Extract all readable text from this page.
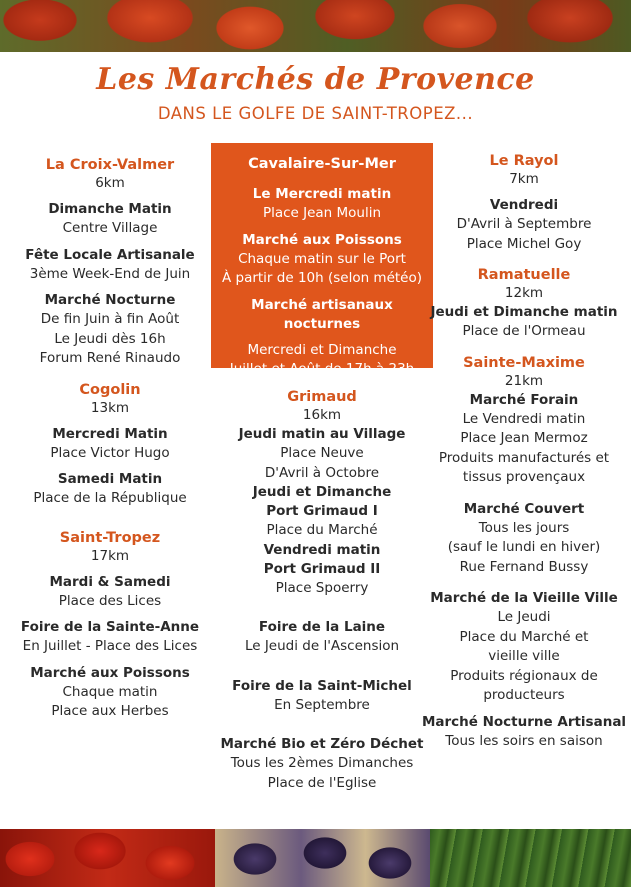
Les Marchés de Provence
DANS LE GOLFE DE SAINT-TROPEZ...
La Croix-Valmer
6km
Dimanche Matin
Centre Village
Fête Locale Artisanale
3ème Week-End de Juin
Marché Nocturne
De fin Juin à fin Août
Le Jeudi dès 16h
Forum René Rinaudo
Cogolin
13km
Mercredi Matin
Place Victor Hugo
Samedi Matin
Place de la République
Saint-Tropez
17km
Mardi & Samedi
Place des Lices
Foire de la Sainte-Anne
En Juillet - Place des Lices
Marché aux Poissons
Chaque matin
Place aux Herbes
Cavalaire-Sur-Mer
Le Mercredi matin
Place Jean Moulin
Marché aux Poissons
Chaque matin sur le Port
À partir de 10h (selon météo)
Marché artisanaux
nocturnes
Mercredi et Dimanche
Juillet et Août de 17h à 23h
Grimaud
16km
Jeudi matin au Village
Place Neuve
D'Avril à Octobre
Jeudi et Dimanche
Port Grimaud I
Place du Marché
Vendredi matin
Port Grimaud II
Place Spoerry
Foire de la Laine
Le Jeudi de l'Ascension
Foire de la Saint-Michel
En Septembre
Marché Bio et Zéro Déchet
Tous les 2èmes Dimanches
Place de l'Eglise
Le Rayol
7km
Vendredi
D'Avril à Septembre
Place Michel Goy
Ramatuelle
12km
Jeudi et Dimanche matin
Place de l'Ormeau
Sainte-Maxime
21km
Marché Forain
Le Vendredi matin
Place Jean Mermoz
Produits manufacturés et
tissus provençaux
Marché Couvert
Tous les jours
(sauf le lundi en hiver)
Rue Fernand Bussy
Marché de la Vieille Ville
Le Jeudi
Place du Marché et
vieille ville
Produits régionaux de
producteurs
Marché Nocturne Artisanal
Tous les soirs en saison
